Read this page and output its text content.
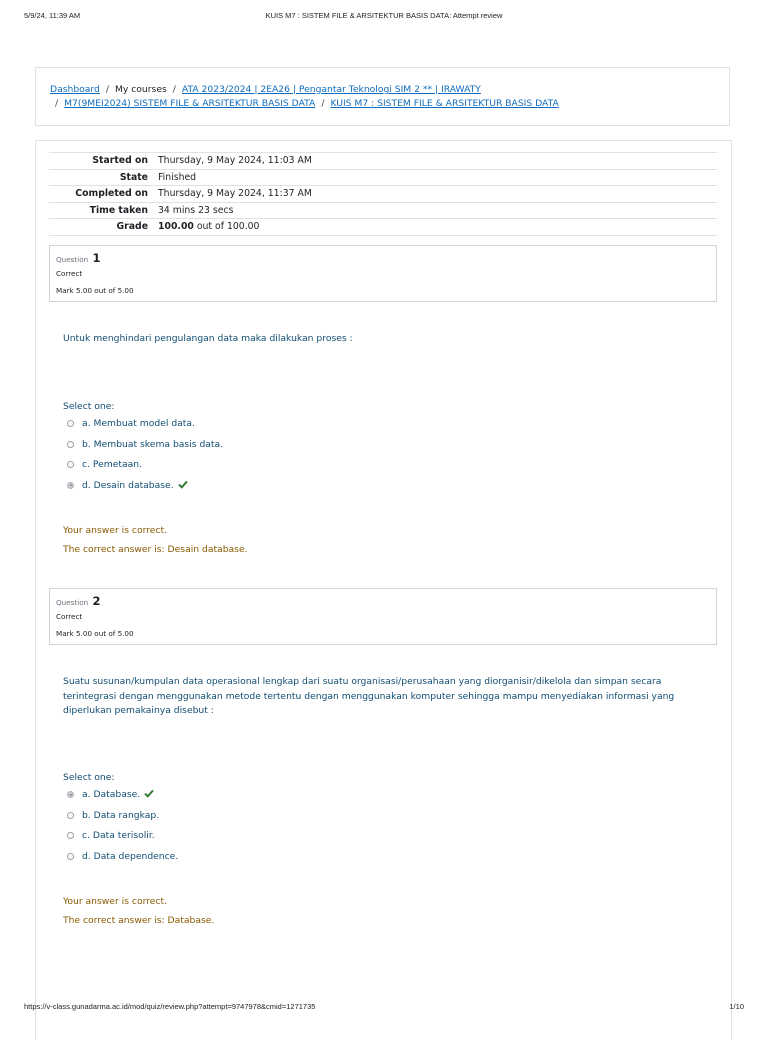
5/9/24, 11:39 AM	KUIS M7 : SISTEM FILE & ARSITEKTUR BASIS DATA: Attempt review
Dashboard / My courses / ATA 2023/2024 | 2EA26 | Pengantar Teknologi SIM 2 ** | IRAWATY
/ M7(9MEI2024) SISTEM FILE & ARSITEKTUR BASIS DATA / KUIS M7 : SISTEM FILE & ARSITEKTUR BASIS DATA
Started on	Thursday, 9 May 2024, 11:03 AM
State	Finished
Completed on	Thursday, 9 May 2024, 11:37 AM
Time taken	34 mins 23 secs
Grade	100.00 out of 100.00
Question 1
Correct
Mark 5.00 out of 5.00
Untuk menghindari pengulangan data maka dilakukan proses :
Select one:
a. Membuat model data.
b. Membuat skema basis data.
c. Pemetaan.
d. Desain database.
Your answer is correct.
The correct answer is: Desain database.
Question 2
Correct
Mark 5.00 out of 5.00
Suatu susunan/kumpulan data operasional lengkap dari suatu organisasi/perusahaan yang diorganisir/dikelola dan simpan secara terintegrasi dengan menggunakan metode tertentu dengan menggunakan komputer sehingga mampu menyediakan informasi yang diperlukan pemakainya disebut :
Select one:
a. Database.
b. Data rangkap.
c. Data terisolir.
d. Data dependence.
Your answer is correct.
The correct answer is: Database.
https://v-class.gunadarma.ac.id/mod/quiz/review.php?attempt=9747978&cmid=1271735	1/10
